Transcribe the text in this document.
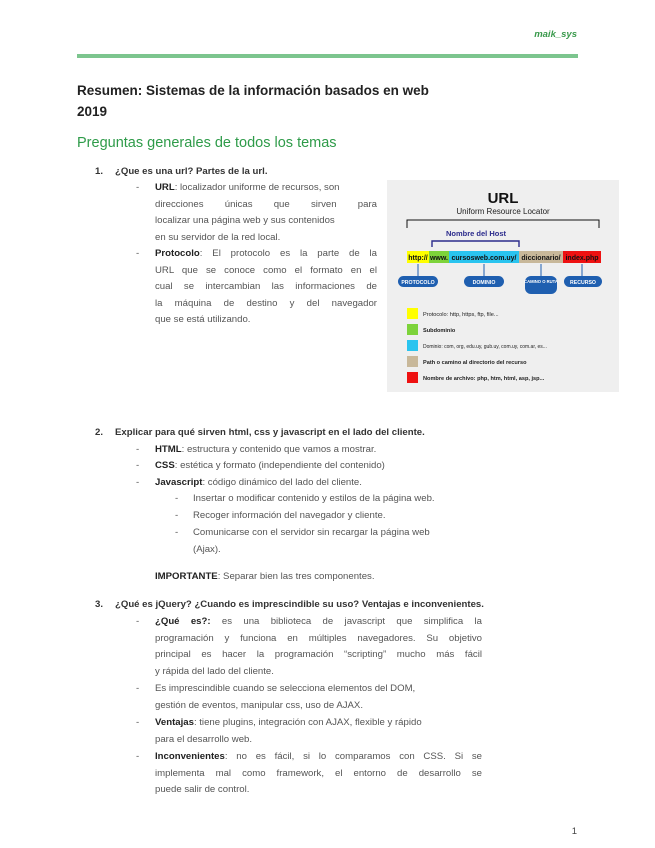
maik_sys
Resumen: Sistemas de la información basados en web
2019
Preguntas generales de todos los temas
1. ¿Que es una url? Partes de la url.
- URL: localizador uniforme de recursos, son
direcciones únicas que sirven para
localizar una página web y sus contenidos
en su servidor de la red local.
- Protocolo: El protocolo es la parte de la
URL que se conoce como el formato en el
cual se intercambian las informaciones de
la máquina de destino y del navegador
que se está utilizando.
URL
Uniform Resource Locator
Nombre del Host
http:// www. cursosweb.com.uy/ diccionario/ index.php
PROTOCOLO	DOMINIO	CAMINO O RUTA RECURSO
Protocolo: http, https, ftp, file...
Subdominio
Dominio: com, org, edu.uy, gub.uy, com.uy, com.ar, es...
Path o camino al directorio del recurso
Nombre de archivo: php, htm, html, asp, jsp...
2. Explicar para qué sirven html, css y javascript en el lado del cliente.
- HTML: estructura y contenido que vamos a mostrar.
- CSS: estética y formato (independiente del contenido)
- Javascript: código dinámico del lado del cliente.
- Insertar o modificar contenido y estilos de la página web.
- Recoger información del navegador y cliente.
- Comunicarse con el servidor sin recargar la página web
(Ajax).
IMPORTANTE: Separar bien las tres componentes.
3. ¿Qué es jQuery? ¿Cuando es imprescindible su uso? Ventajas e inconvenientes.
- ¿Qué es?: es una biblioteca de javascript que simplifica la
programación y funciona en múltiples navegadores. Su objetivo
principal es hacer la programación “scripting” mucho más fácil
y rápida del lado del cliente.
- Es imprescindible cuando se selecciona elementos del DOM,
gestión de eventos, manipular css, uso de AJAX.
- Ventajas: tiene plugins, integración con AJAX, flexible y rápido
para el desarrollo web.
- Inconvenientes: no es fácil, si lo comparamos con CSS. Si se
implementa mal como framework, el entorno de desarrollo se
puede salir de control.
1
